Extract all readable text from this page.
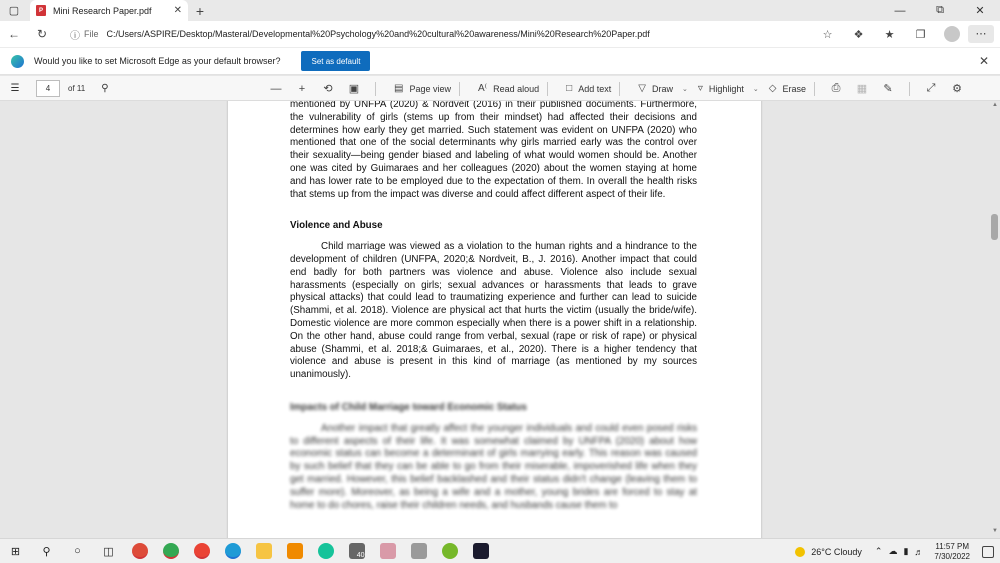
▢	P	Mini Research Paper.pdf ✕ +	—	⧉	✕
←	↻	ⓘ File C:/Users/ASPIRE/Desktop/Masteral/Developmental%20Psychology%20and%20cultural%20awareness/Mini%20Research%20Paper.pdf	☆	❖	★	❐	⋯
Would you like to set Microsoft Edge as your default browser?	Set as default	✕
☰	4	of 11 ⚲	—	+	⟲	▣	▤ Page view	A⁽ Read aloud	□ Add text	▽ Draw ⌄ ▿ Highlight ⌄ ◇ Erase	⎙	▦	✎	⤢	⚙

mentioned by UNFPA (2020) & Nordveit (2016) in their published documents. Furthermore, the vulnerability of girls (stems up from their mindset) had affected their decisions and determines how early they get married. Such statement was evident on UNFPA (2020) who mentioned that one of the social determinants why girls married early was the control over their sexuality—being gender biased and labeling of what would women should be. Another one was cited by Guimaraes and her colleagues (2020) about the women staying at home and has lower rate to be employed due to the expectation of them. In overall the health risks that stems up from the impact was diverse and could affect different aspect of their life.

Violence and Abuse

Child marriage was viewed as a violation to the human rights and a hindrance to the development of children (UNFPA, 2020;& Nordveit, B., J. 2016). Another impact that could end badly for both partners was violence and abuse. Violence also include sexual harassments (especially on girls; sexual advances or harassments that leads to grave physical attacks) that could lead to traumatizing experience and further can lead to suicide (Shammi, et al. 2018). Violence are physical act that hurts the victim (usually the bride/wife). Domestic violence are more common especially when there is a power shift in a relationship. On the other hand, abuse could range from verbal, sexual (rape or risk of rape) or physical abuse (Shammi, et al. 2018;& Guimaraes, et al., 2020). There is a higher tendency that violence and abuse is present in this kind of marriage (as mentioned by my sources unanimously).

Impacts of Child Marriage toward Economic Status

Another impact that greatly affect the younger individuals and could even posed risks to different aspects of their life. It was somewhat claimed by UNFPA (2020) about how economic status can become a determinant of girls marrying early. This reason was caused by such belief that they can be able to go from their miserable, impoverished life when they get married. However, this belief backlashed and their status didn't change (leaving them to suffer more). Moreover, as being a wife and a mother, young brides are forced to stay at home to do chores, raise their children needs, and husbands cause them to

▲
▼
⊞	⚲	○	◫	40	26°C Cloudy ⌃ ☁ ▮ ♬
11:57 PM
7/30/2022
